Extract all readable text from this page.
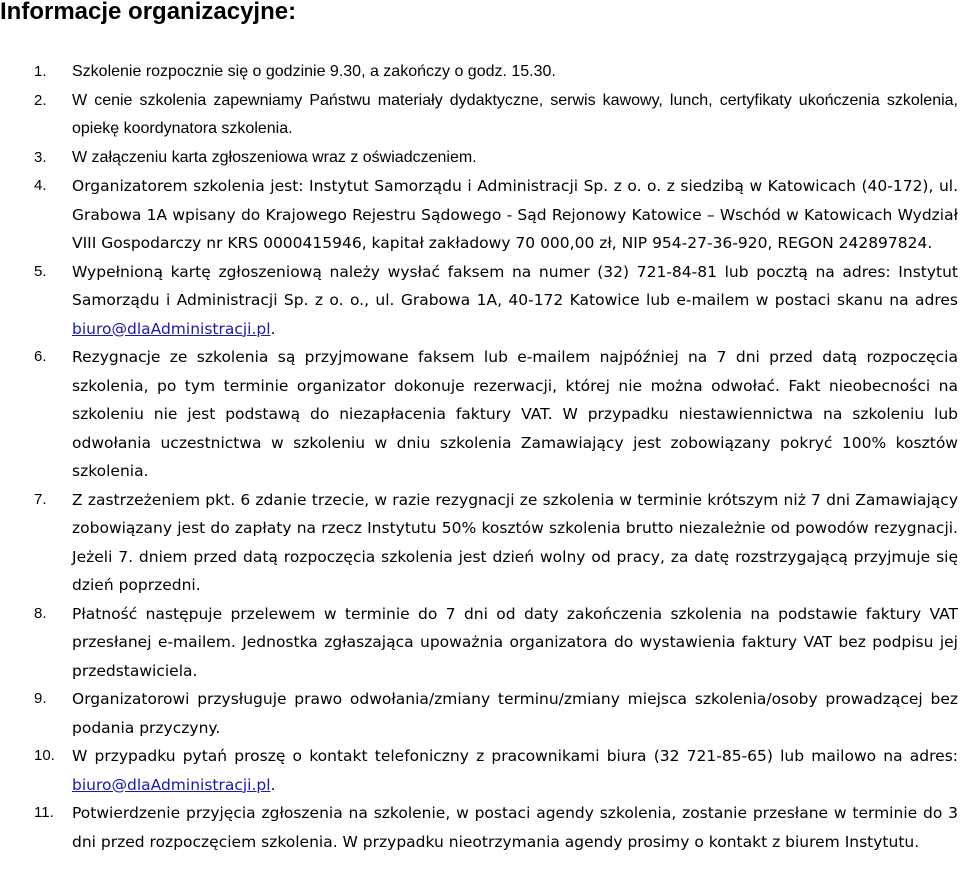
Informacje organizacyjne:
1.	Szkolenie rozpocznie się o godzinie 9.30, a zakończy o godz. 15.30.
2.	W cenie szkolenia zapewniamy Państwu materiały dydaktyczne, serwis kawowy, lunch, certyfikaty ukończenia szkolenia, opiekę koordynatora szkolenia.
3.	W załączeniu karta zgłoszeniowa wraz z oświadczeniem.
4.	Organizatorem szkolenia jest: Instytut Samorządu i Administracji Sp. z o. o. z siedzibą w Katowicach (40-172), ul. Grabowa 1A wpisany do Krajowego Rejestru Sądowego - Sąd Rejonowy Katowice – Wschód w Katowicach Wydział VIII Gospodarczy nr KRS 0000415946, kapitał zakładowy 70 000,00 zł, NIP 954-27-36-920, REGON 242897824.
5.	Wypełnioną kartę zgłoszeniową należy wysłać faksem na numer (32) 721-84-81 lub pocztą na adres: Instytut Samorządu i Administracji Sp. z o. o., ul. Grabowa 1A, 40-172 Katowice lub e-mailem w postaci skanu na adres biuro@dlaAdministracji.pl.
6.	Rezygnacje ze szkolenia są przyjmowane faksem lub e-mailem najpóźniej na 7 dni przed datą rozpoczęcia szkolenia, po tym terminie organizator dokonuje rezerwacji, której nie można odwołać. Fakt nieobecności na szkoleniu nie jest podstawą do niezapłacenia faktury VAT. W przypadku niestawiennictwa na szkoleniu lub odwołania uczestnictwa w szkoleniu w dniu szkolenia Zamawiający jest zobowiązany pokryć 100% kosztów szkolenia.
7.	Z zastrzeżeniem pkt. 6 zdanie trzecie, w razie rezygnacji ze szkolenia w terminie krótszym niż 7 dni Zamawiający zobowiązany jest do zapłaty na rzecz Instytutu 50% kosztów szkolenia brutto niezależnie od powodów rezygnacji. Jeżeli 7. dniem przed datą rozpoczęcia szkolenia jest dzień wolny od pracy, za datę rozstrzygającą przyjmuje się dzień poprzedni.
8.	Płatność następuje przelewem w terminie do 7 dni od daty zakończenia szkolenia na podstawie faktury VAT przesłanej e-mailem. Jednostka zgłaszająca upoważnia organizatora do wystawienia faktury VAT bez podpisu jej przedstawiciela.
9.	Organizatorowi przysługuje prawo odwołania/zmiany terminu/zmiany miejsca szkolenia/osoby prowadzącej bez podania przyczyny.
10.	W przypadku pytań proszę o kontakt telefoniczny z pracownikami biura (32 721-85-65) lub mailowo na adres: biuro@dlaAdministracji.pl.
11.	Potwierdzenie przyjęcia zgłoszenia na szkolenie, w postaci agendy szkolenia, zostanie przesłane w terminie do 3 dni przed rozpoczęciem szkolenia. W przypadku nieotrzymania agendy prosimy o kontakt z biurem Instytutu.
